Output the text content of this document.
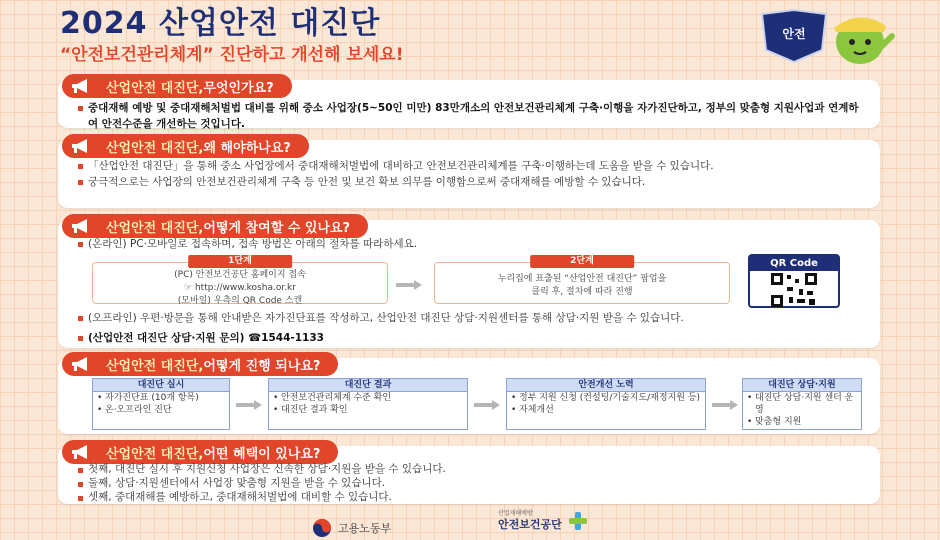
2024 산업안전 대진단
“안전보건관리체계” 진단하고 개선해 보세요!
안전
산업안전 대진단, 무엇인가요?
중대재해 예방 및 중대재해처벌법 대비를 위해 중소 사업장(5~50인 미만) 83만개소의 안전보건관리체계 구축·이행을 자가진단하고, 정부의 맞춤형 지원사업과 연계하여 안전수준을 개선하는 것입니다.
산업안전 대진단, 왜 해야하나요?
「산업안전 대진단」을 통해 중소 사업장에서 중대재해처벌법에 대비하고 안전보건관리체계를 구축·이행하는데 도움을 받을 수 있습니다.
궁극적으로는 사업장의 안전보건관리체계 구축 등 안전 및 보건 확보 의무를 이행함으로써 중대재해를 예방할 수 있습니다.
산업안전 대진단, 어떻게 참여할 수 있나요?
(온라인) PC·모바일로 접속하며, 접속 방법은 아래의 절차를 따라하세요.
1단계
(PC) 안전보건공단 홈페이지 접속
☞ http://www.kosha.or.kr
(모바일) 우측의 QR Code 스캔
2단계
누리집에 표출된 “산업안전 대진단” 팝업을
클릭 후, 절차에 따라 진행
QR Code
(오프라인) 우편·방문을 통해 안내받은 자가진단표를 작성하고, 산업안전 대진단 상담·지원센터를 통해 상담·지원 받을 수 있습니다.
(산업안전 대진단 상담·지원 문의) ☎1544-1133
산업안전 대진단, 어떻게 진행 되나요?
대진단 실시
• 자가진단표 (10개 항목)
• 온·오프라인 진단
대진단 결과
• 안전보건관리체계 수준 확인
• 대진단 결과 확인
안전개선 노력
• 정부 지원 신청 (컨설팅/기술지도/재정지원 등)
• 자체개선
대진단 상담·지원
• 대진단 상담·지원 센터 운영
• 맞춤형 지원
산업안전 대진단, 어떤 혜택이 있나요?
첫째, 대진단 실시 후 지원신청 사업장은 신속한 상담·지원을 받을 수 있습니다.
둘째, 상담·지원센터에서 사업장 맞춤형 지원을 받을 수 있습니다.
셋째, 중대재해를 예방하고, 중대재해처벌법에 대비할 수 있습니다.
고용노동부
산업재해예방
안전보건공단
